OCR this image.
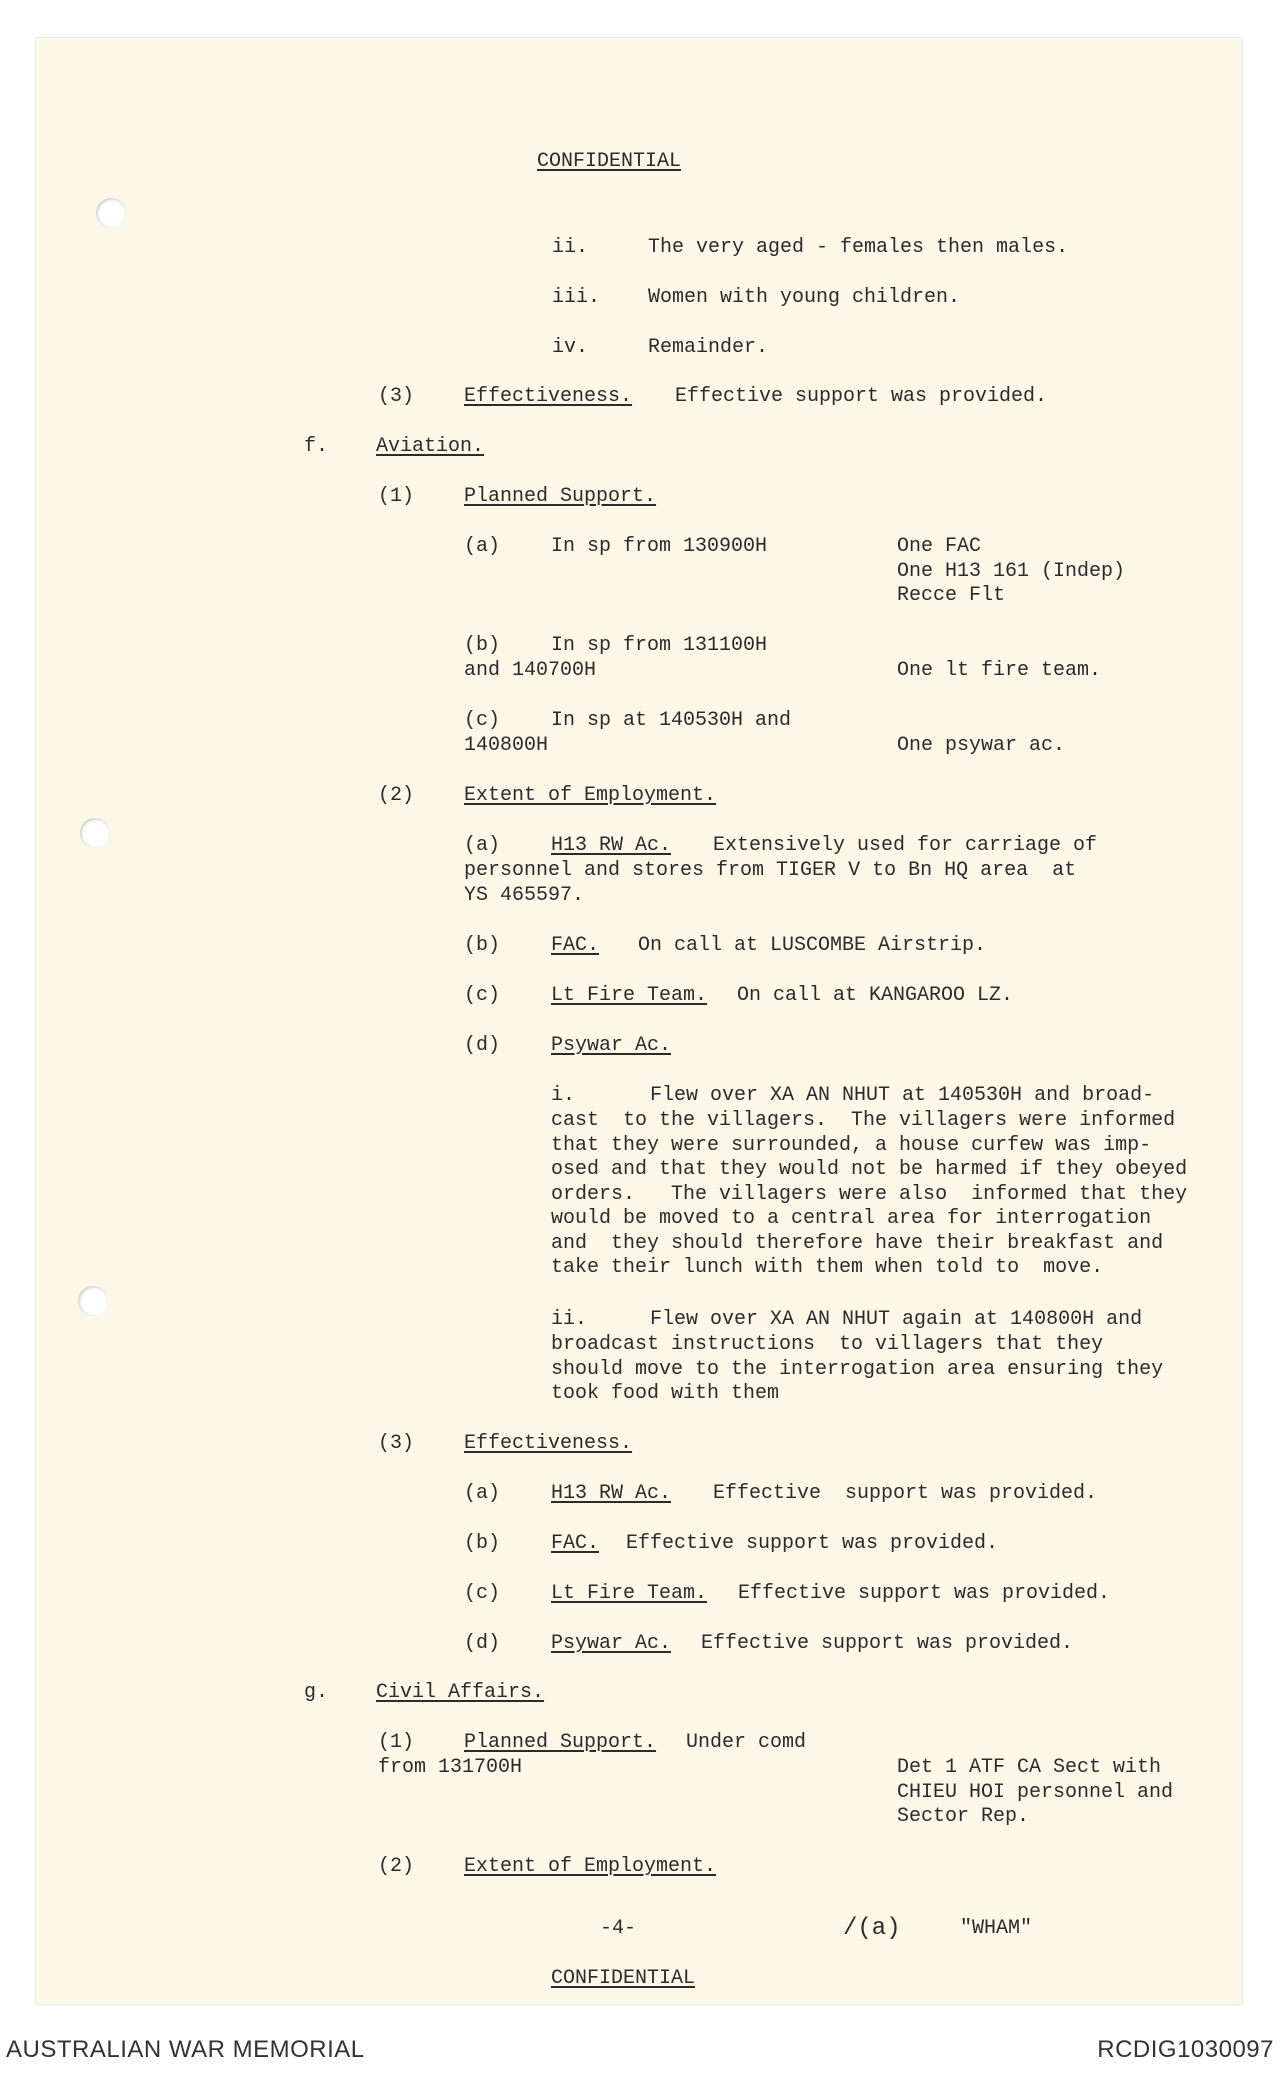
CONFIDENTIAL
ii.	The very aged - females then males.
iii. Women with young children.
iv.	Remainder.
(3) Effectiveness. Effective support was provided.
f. Aviation.
(1) Planned Support.
(a)	In sp from 130900H	One FAC
One H13 161 (Indep)
Recce Flt
(b)	In sp from 131100H
and 140700H	One lt fire team.
(c)	In sp at 140530H and
140800H	One psywar ac.
(2) Extent of Employment.
(a)	H13 RW Ac. Extensively used for carriage of
personnel and stores from TIGER V to Bn HQ area  at
YS 465597.
(b)	FAC. On call at LUSCOMBE Airstrip.
(c)	Lt Fire Team. On call at KANGAROO LZ.
(d)	Psywar Ac.
i.	Flew over XA AN NHUT at 140530H and broad-
cast  to the villagers.  The villagers were informed
that they were surrounded, a house curfew was imp-
osed and that they would not be harmed if they obeyed
orders.   The villagers were also  informed that they
would be moved to a central area for interrogation
and  they should therefore have their breakfast and
take their lunch with them when told to  move.
ii.	Flew over XA AN NHUT again at 140800H and
broadcast instructions  to villagers that they
should move to the interrogation area ensuring they
took food with them
(3) Effectiveness.
(a)	H13 RW Ac. Effective  support was provided.
(b)	FAC. Effective support was provided.
(c)	Lt Fire Team. Effective support was provided.
(d)	Psywar Ac. Effective support was provided.
g. Civil Affairs.
(1) Planned Support. Under comd
from 131700H	Det 1 ATF CA Sect with
CHIEU HOI personnel and
Sector Rep.
(2) Extent of Employment.
-4-	/(a)	"WHAM"
CONFIDENTIAL
AUSTRALIAN WAR MEMORIAL	RCDIG1030097
